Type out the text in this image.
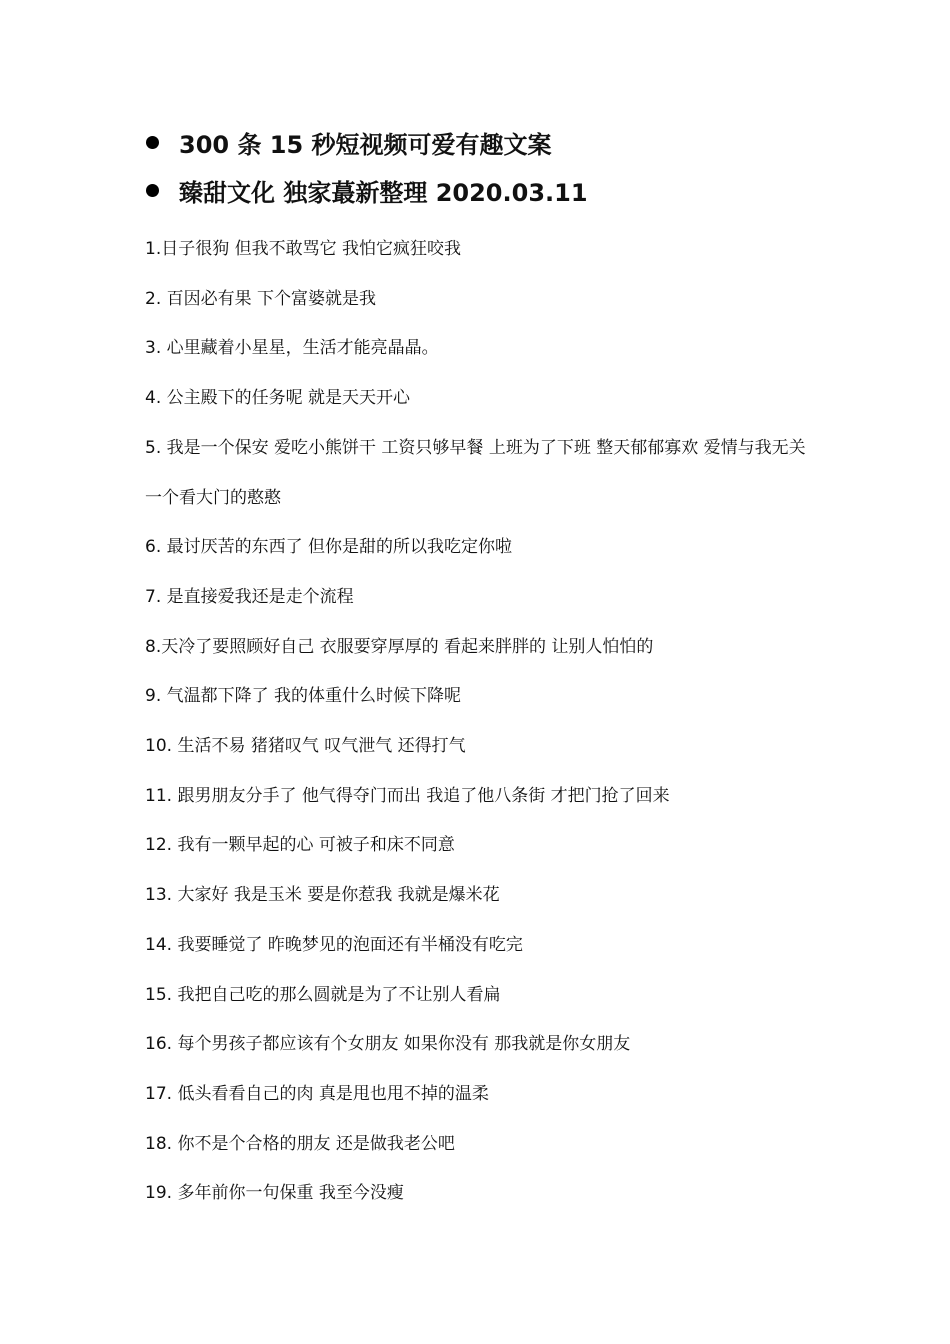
300 条 15 秒短视频可爱有趣文案
臻甜文化 独家蕞新整理 2020.03.11
1.日子很狗 但我不敢骂它 我怕它疯狂咬我
2. 百因必有果 下个富婆就是我
3. 心里藏着小星星，生活才能亮晶晶。
4. 公主殿下的任务呢 就是天天开心
5. 我是一个保安 爱吃小熊饼干 工资只够早餐 上班为了下班 整天郁郁寡欢 爱情与我无关 一个看大门的憨憨
6. 最讨厌苦的东西了 但你是甜的所以我吃定你啦
7. 是直接爱我还是走个流程
8.天冷了要照顾好自己 衣服要穿厚厚的 看起来胖胖的 让别人怕怕的
9. 气温都下降了 我的体重什么时候下降呢
10. 生活不易 猪猪叹气 叹气泄气 还得打气
11. 跟男朋友分手了 他气得夺门而出 我追了他八条街 才把门抢了回来
12. 我有一颗早起的心 可被子和床不同意
13. 大家好 我是玉米 要是你惹我 我就是爆米花
14. 我要睡觉了 昨晚梦见的泡面还有半桶没有吃完
15. 我把自己吃的那么圆就是为了不让别人看扁
16. 每个男孩子都应该有个女朋友 如果你没有 那我就是你女朋友
17. 低头看看自己的肉 真是甩也甩不掉的温柔
18. 你不是个合格的朋友 还是做我老公吧
19. 多年前你一句保重 我至今没瘦
